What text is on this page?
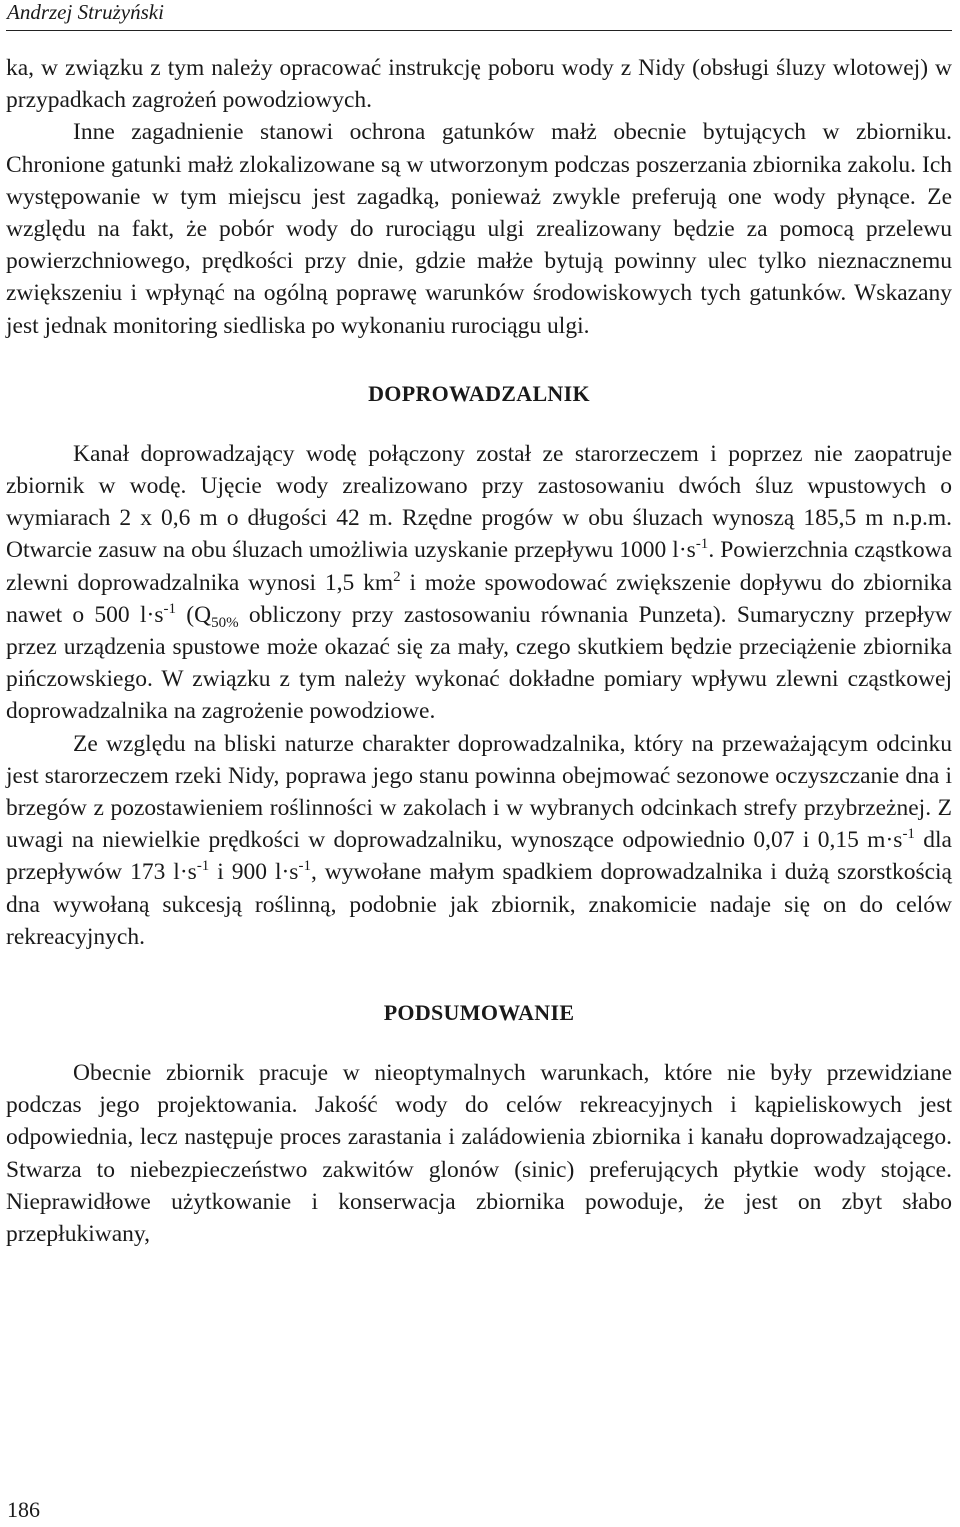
Andrzej Strużyński

ka, w związku z tym należy opracować instrukcję poboru wody z Nidy (obsługi śluzy wlotowej) w przypadkach zagrożeń powodziowych.

Inne zagadnienie stanowi ochrona gatunków małż obecnie bytujących w zbiorniku. Chronione gatunki małż zlokalizowane są w utworzonym podczas poszerzania zbiornika zakolu. Ich występowanie w tym miejscu jest zagadką, ponieważ zwykle preferują one wody płynące. Ze względu na fakt, że pobór wody do rurociągu ulgi zrealizowany będzie za pomocą przelewu powierzchniowego, prędkości przy dnie, gdzie małże bytują powinny ulec tylko nieznacznemu zwiększeniu i wpłynąć na ogólną poprawę warunków środowiskowych tych gatunków. Wskazany jest jednak monitoring siedliska po wykonaniu rurociągu ulgi.

DOPROWADZALNIK

Kanał doprowadzający wodę połączony został ze starorzeczem i poprzez nie zaopatruje zbiornik w wodę. Ujęcie wody zrealizowano przy zastosowaniu dwóch śluz wpustowych o wymiarach 2 x 0,6 m o długości 42 m. Rzędne progów w obu śluzach wynoszą 185,5 m n.p.m. Otwarcie zasuw na obu śluzach umożliwia uzyskanie przepływu 1000 $l\cdot s^{-1}$. Powierzchnia cząstkowa zlewni doprowadzalnika wynosi 1,5 $km^2$ i może spowodować zwiększenie dopływu do zbiornika nawet o 500 $l\cdot s^{-1}$ ($Q_{50\%}$ obliczony przy zastosowaniu równania Punzeta). Sumaryczny przepływ przez urządzenia spustowe może okazać się za mały, czego skutkiem będzie przeciążenie zbiornika pińczowskiego. W związku z tym należy wykonać dokładne pomiary wpływu zlewni cząstkowej doprowadzalnika na zagrożenie powodziowe.

Ze względu na bliski naturze charakter doprowadzalnika, który na przeważającym odcinku jest starorzeczem rzeki Nidy, poprawa jego stanu powinna obejmować sezonowe oczyszczanie dna i brzegów z pozostawieniem roślinności w zakolach i w wybranych odcinkach strefy przybrzeżnej. Z uwagi na niewielkie prędkości w doprowadzalniku, wynoszące odpowiednio 0,07 i 0,15 $m\cdot s^{-1}$ dla przepływów 173 $l\cdot s^{-1}$ i 900 $l\cdot s^{-1}$, wywołane małym spadkiem doprowadzalnika i dużą szorstkością dna wywołaną sukcesją roślinną, podobnie jak zbiornik, znakomicie nadaje się on do celów rekreacyjnych.

PODSUMOWANIE

Obecnie zbiornik pracuje w nieoptymalnych warunkach, które nie były przewidziane podczas jego projektowania. Jakość wody do celów rekreacyjnych i kąpieliskowych jest odpowiednia, lecz następuje proces zarastania i zaládowienia zbiornika i kanału doprowadzającego. Stwarza to niebezpieczeństwo zakwitów glonów (sinic) preferujących płytkie wody stojące. Nieprawidłowe użytkowanie i konserwacja zbiornika powoduje, że jest on zbyt słabo przepłukiwany,

186
